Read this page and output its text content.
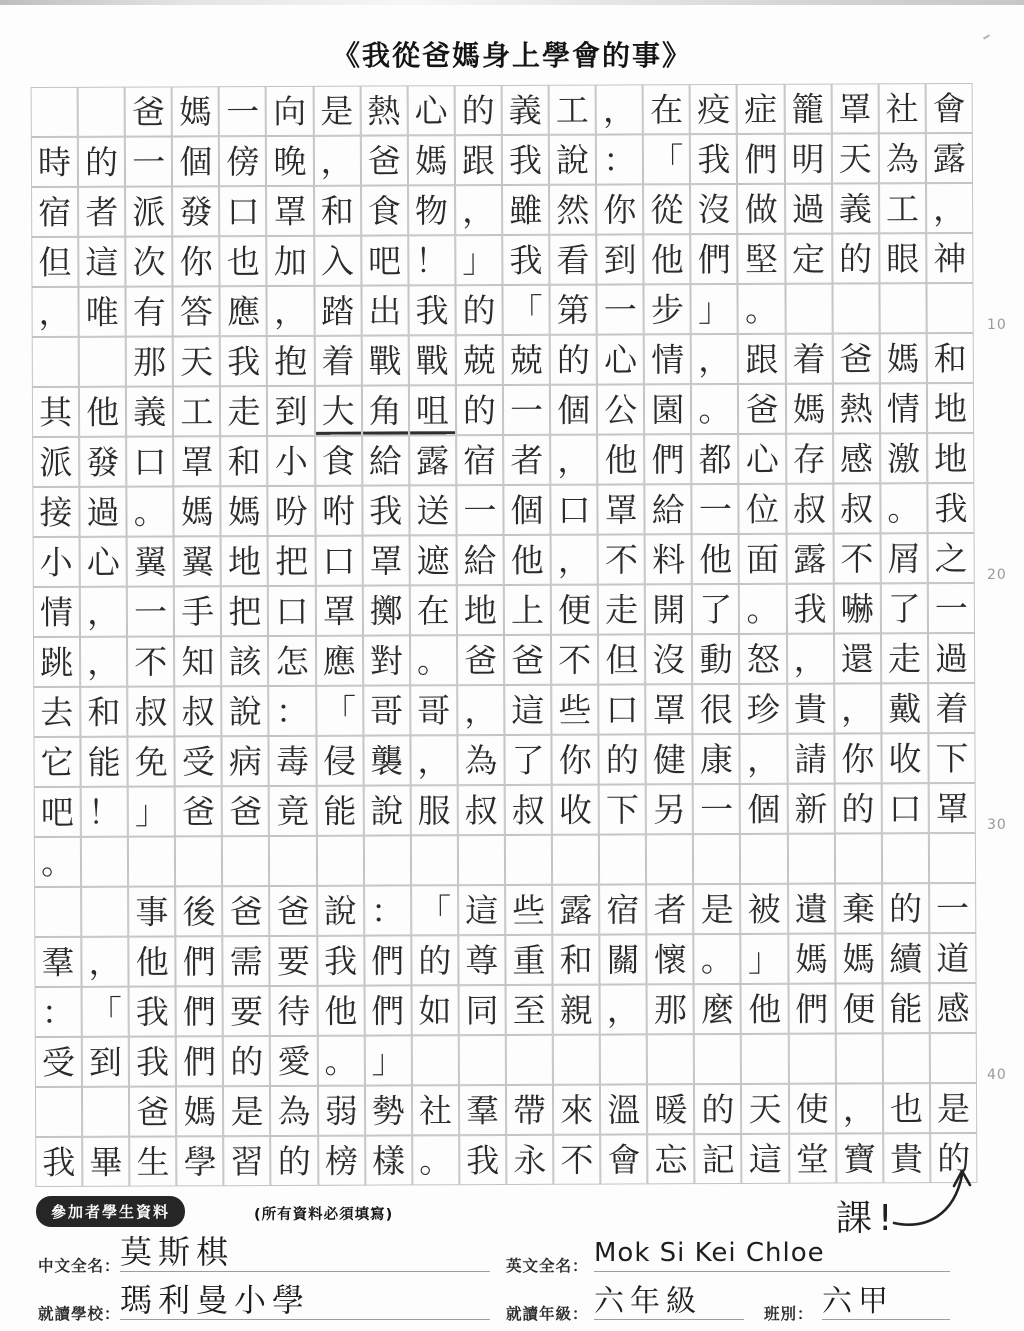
《我從爸媽身上學會的事》
爸 媽 一 向 是 熱 心 的 義 工 ， 在 疫 症 籠 罩 社 會
時 的 一 個 傍 晚 ， 爸 媽 跟 我 說 ： 「 我 們 明 天 為 露
宿 者 派 發 口 罩 和 食 物 ， 雖 然 你 從 沒 做 過 義 工 ，
但 這 次 你 也 加 入 吧 ！ 」 我 看 到 他 們 堅 定 的 眼 神
， 唯 有 答 應 ， 踏 出 我 的 「 第 一 步 」 。
那 天 我 抱 着 戰 戰 兢 兢 的 心 情 ， 跟 着 爸 媽 和
其 他 義 工 走 到 大 角 咀 的 一 個 公 園 。 爸 媽 熱 情 地
派 發 口 罩 和 小 食 給 露 宿 者 ， 他 們 都 心 存 感 激 地
接 過 。 媽 媽 吩 咐 我 送 一 個 口 罩 給 一 位 叔 叔 。 我
小 心 翼 翼 地 把 口 罩 遮 給 他 ， 不 料 他 面 露 不 屑 之
情 ， 一 手 把 口 罩 擲 在 地 上 便 走 開 了 。 我 嚇 了 一
跳 ， 不 知 該 怎 應 對 。 爸 爸 不 但 沒 動 怒 ， 還 走 過
去 和 叔 叔 說 ： 「 哥 哥 ， 這 些 口 罩 很 珍 貴 ， 戴 着
它 能 免 受 病 毒 侵 襲 ， 為 了 你 的 健 康 ， 請 你 收 下
吧 ！ 」 爸 爸 竟 能 說 服 叔 叔 收 下 另 一 個 新 的 口 罩
。
事 後 爸 爸 說 ： 「 這 些 露 宿 者 是 被 遺 棄 的 一
羣 ， 他 們 需 要 我 們 的 尊 重 和 關 懷 。 」 媽 媽 續 道
： 「 我 們 要 待 他 們 如 同 至 親 ， 那 麼 他 們 便 能 感
受 到 我 們 的 愛 。 」
爸 媽 是 為 弱 勢 社 羣 帶 來 溫 暖 的 天 使 ， 也 是
我 畢 生 學 習 的 榜 樣 。 我 永 不 會 忘 記 這 堂 寶 貴 的
10
20
30
40
課!
參加者學生資料	(所有資料必須填寫)
中文全名： 莫斯棋	英文全名： Mok Si Kei Chloe
就讀學校： 瑪利曼小學	就讀年級： 六年級	班別： 六甲
